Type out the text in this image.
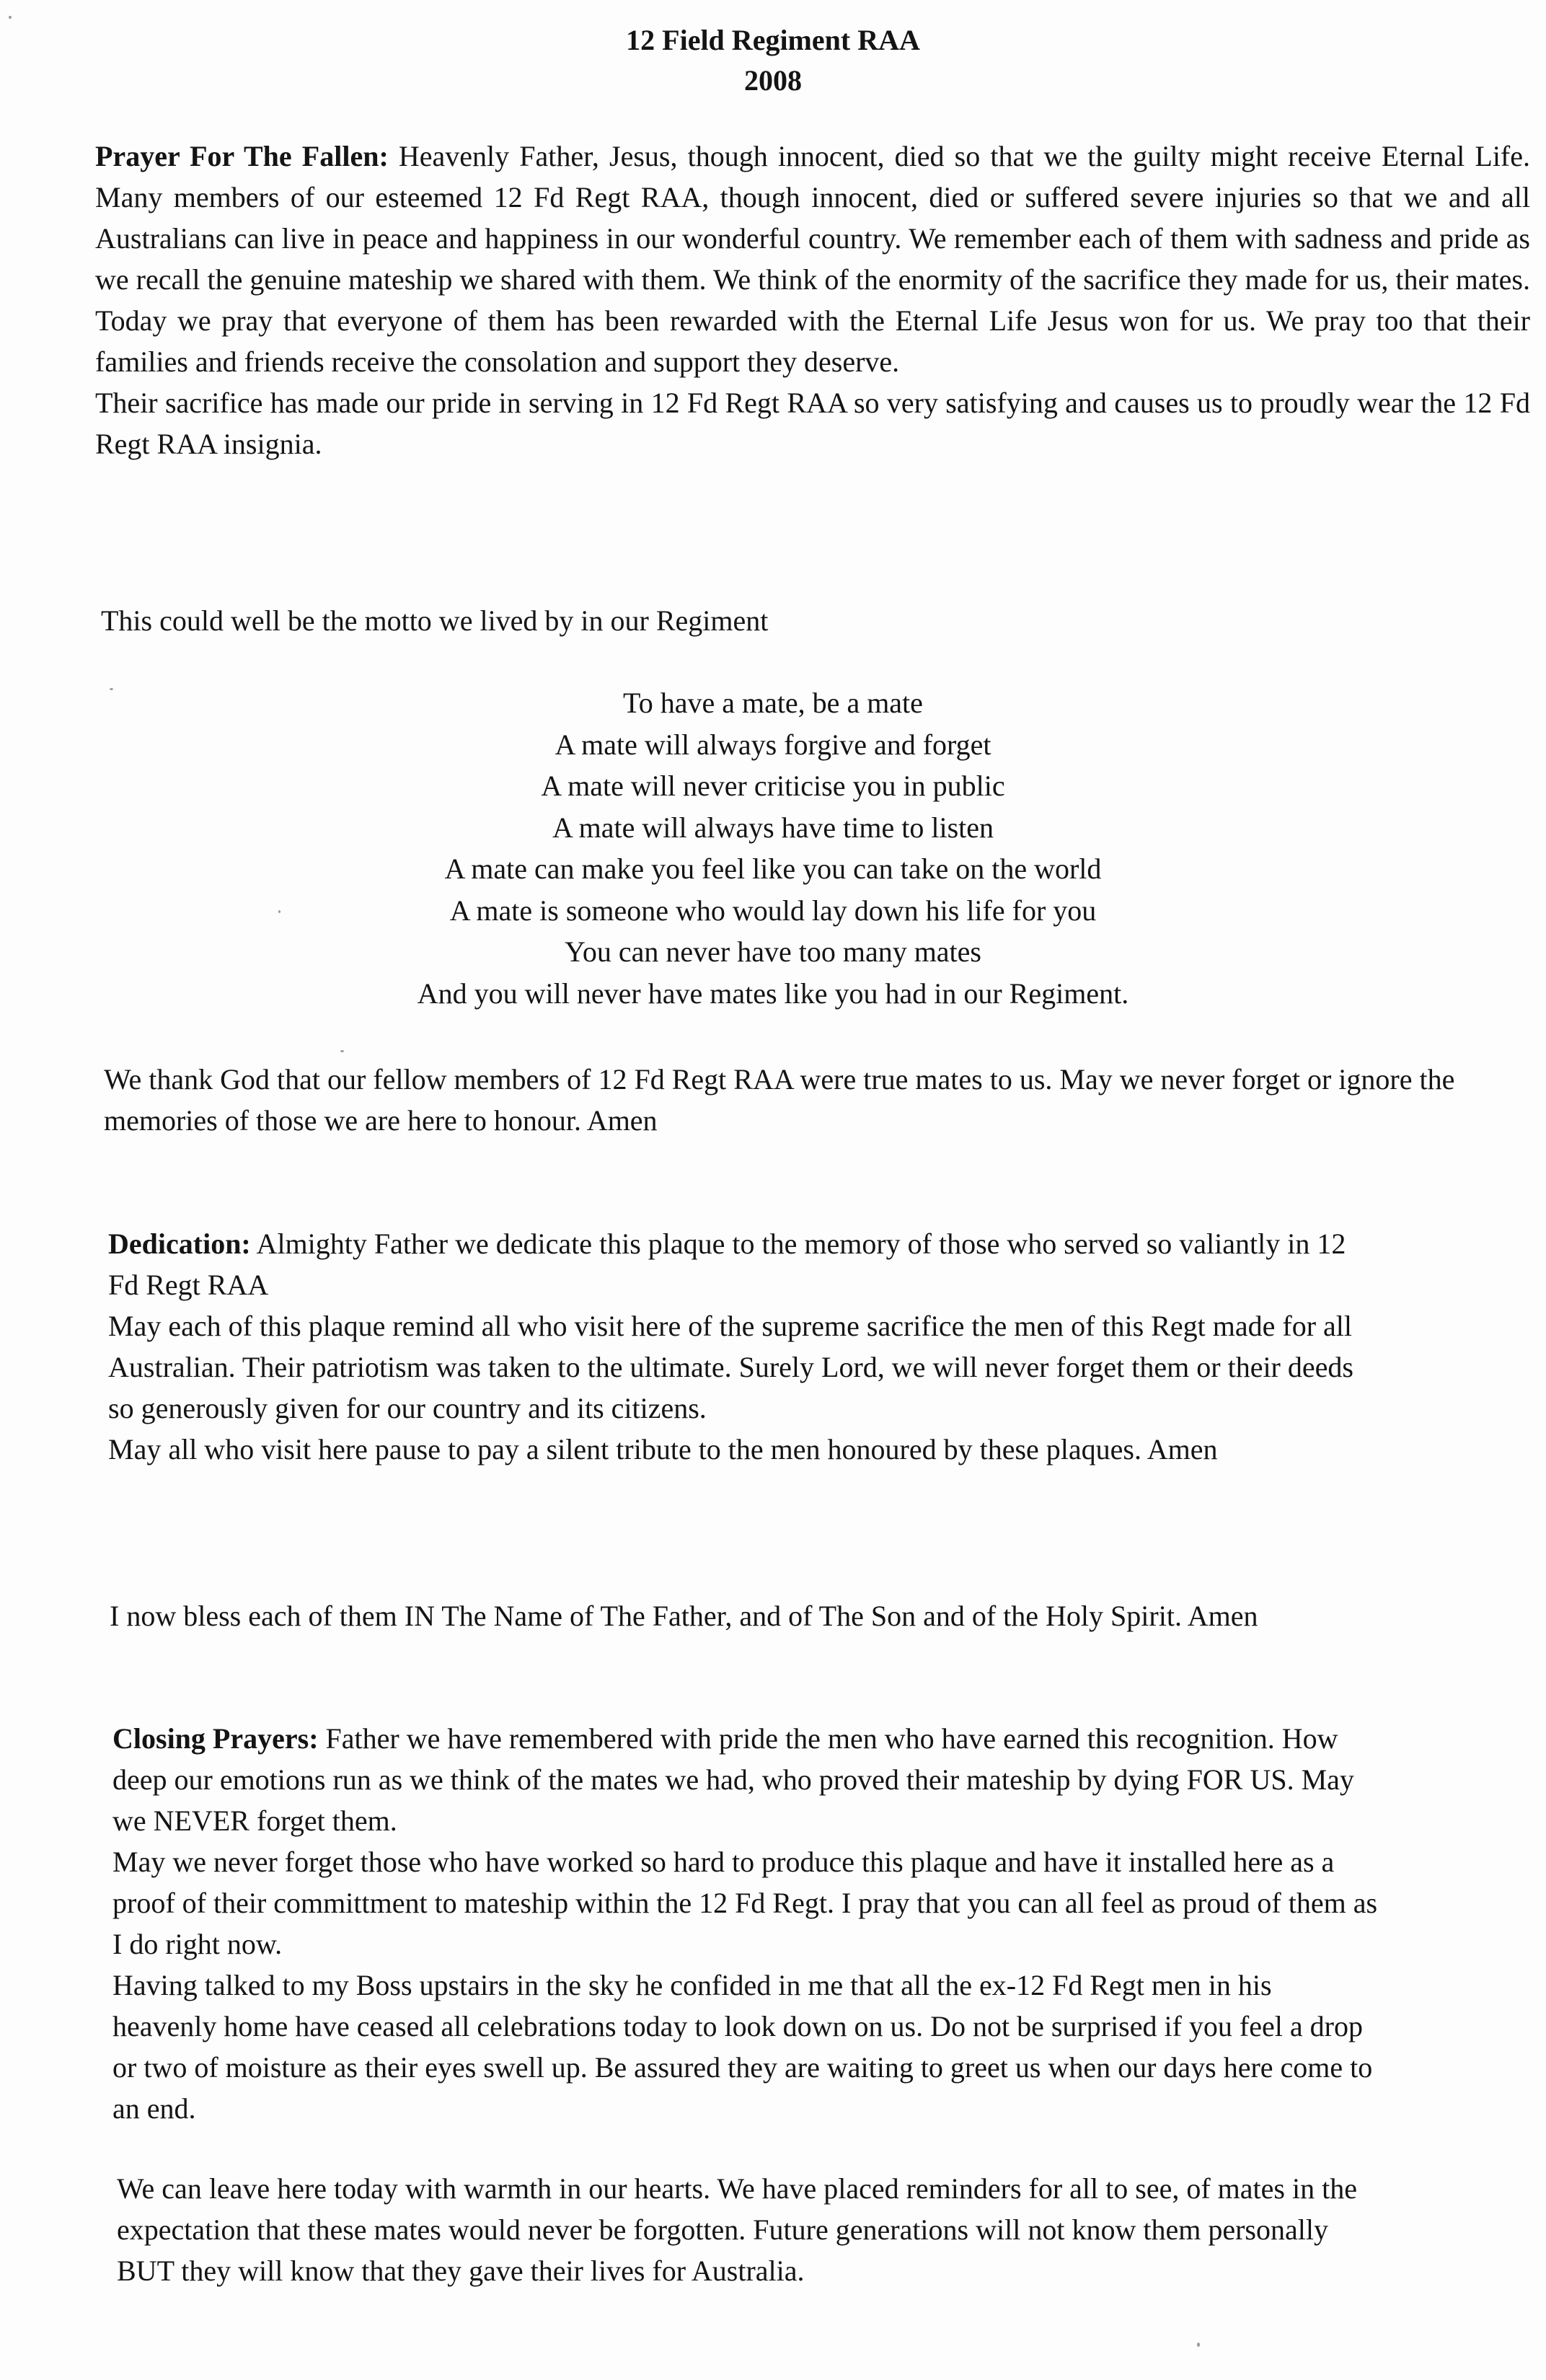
12 Field Regiment RAA
2008

Prayer For The Fallen: Heavenly Father, Jesus, though innocent, died so that we the guilty might receive Eternal Life. Many members of our esteemed 12 Fd Regt RAA, though innocent, died or suffered severe injuries so that we and all Australians can live in peace and happiness in our wonderful country. We remember each of them with sadness and pride as we recall the genuine mateship we shared with them. We think of the enormity of the sacrifice they made for us, their mates. Today we pray that everyone of them has been rewarded with the Eternal Life Jesus won for us. We pray too that their families and friends receive the consolation and support they deserve.

Their sacrifice has made our pride in serving in 12 Fd Regt RAA so very satisfying and causes us to proudly wear the 12 Fd Regt RAA insignia.

This could well be the motto we lived by in our Regiment
To have a mate, be a mate
A mate will always forgive and forget
A mate will never criticise you in public
A mate will always have time to listen
A mate can make you feel like you can take on the world
A mate is someone who would lay down his life for you
You can never have too many mates
And you will never have mates like you had in our Regiment.
We thank God that our fellow members of 12 Fd Regt RAA were true mates to us. May we never forget or ignore the memories of those we are here to honour. Amen

Dedication: Almighty Father we dedicate this plaque to the memory of those who served so valiantly in 12 Fd Regt RAA

May each of this plaque remind all who visit here of the supreme sacrifice the men of this Regt made for all Australian. Their patriotism was taken to the ultimate. Surely Lord, we will never forget them or their deeds so generously given for our country and its citizens.

May all who visit here pause to pay a silent tribute to the men honoured by these plaques. Amen

I now bless each of them IN The Name of The Father, and of The Son and of the Holy Spirit. Amen

Closing Prayers: Father we have remembered with pride the men who have earned this recognition. How deep our emotions run as we think of the mates we had, who proved their mateship by dying FOR US. May we NEVER forget them.

May we never forget those who have worked so hard to produce this plaque and have it installed here as a proof of their committment to mateship within the 12 Fd Regt. I pray that you can all feel as proud of them as I do right now.

Having talked to my Boss upstairs in the sky he confided in me that all the ex-12 Fd Regt men in his heavenly home have ceased all celebrations today to look down on us. Do not be surprised if you feel a drop or two of moisture as their eyes swell up. Be assured they are waiting to greet us when our days here come to an end.

We can leave here today with warmth in our hearts. We have placed reminders for all to see, of mates in the expectation that these mates would never be forgotten. Future generations will not know them personally BUT they will know that they gave their lives for Australia.
